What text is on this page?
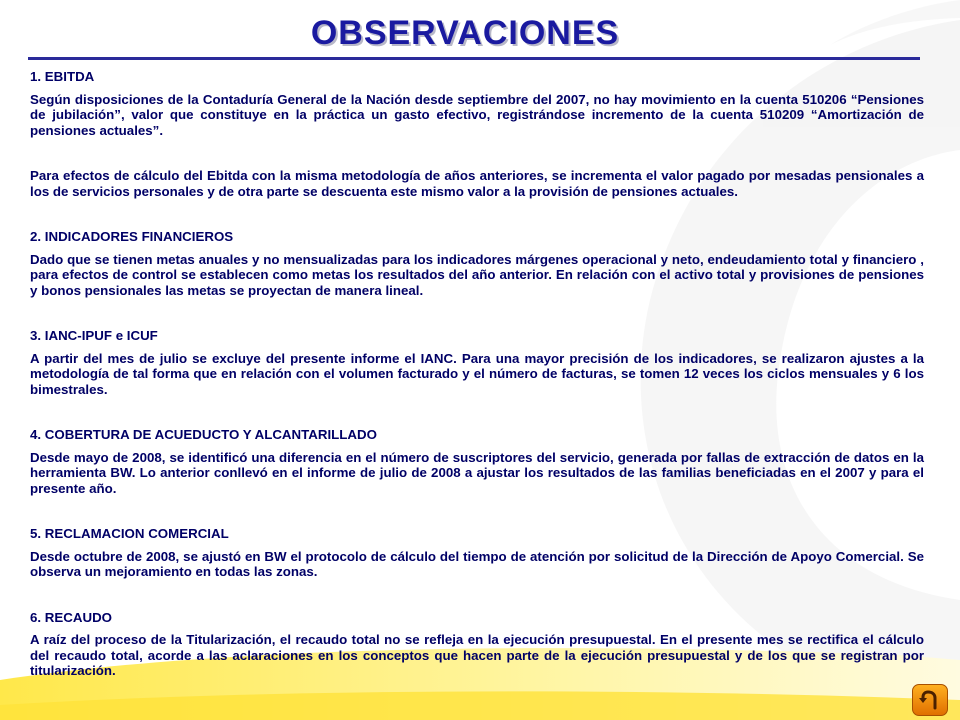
OBSERVACIONES

1. EBITDA

Según disposiciones de la Contaduría General de la Nación desde septiembre del 2007, no hay movimiento en la cuenta 510206 “Pensiones de jubilación”, valor que constituye en la práctica un gasto efectivo, registrándose incremento de la cuenta 510209 “Amortización de pensiones actuales”.

Para efectos de cálculo del Ebitda con la misma metodología de años anteriores, se incrementa el valor pagado por mesadas pensionales a los de servicios personales y de otra parte se descuenta este mismo valor a la provisión de pensiones actuales.

2. INDICADORES FINANCIEROS

Dado que se tienen metas anuales y no mensualizadas para los indicadores márgenes operacional y neto, endeudamiento total y financiero , para efectos de control se establecen como metas los resultados del año anterior. En relación con el activo total y provisiones de pensiones y bonos pensionales las metas se proyectan de manera lineal.

3. IANC-IPUF e ICUF

A partir del mes de julio se excluye del presente informe el IANC. Para una mayor precisión de los indicadores, se realizaron ajustes a la metodología de tal forma que en relación con el volumen facturado y el número de facturas, se tomen 12 veces los ciclos mensuales y 6 los bimestrales.

4. COBERTURA DE ACUEDUCTO Y ALCANTARILLADO

Desde mayo de 2008, se identificó una diferencia en el número de suscriptores del servicio, generada por fallas de extracción de datos en la herramienta BW. Lo anterior conllevó en el informe de julio de 2008 a ajustar los resultados de las familias beneficiadas en el 2007 y para el presente año.

5. RECLAMACION COMERCIAL

Desde octubre de 2008, se ajustó en BW el protocolo de cálculo del tiempo de atención por solicitud de la Dirección de Apoyo Comercial. Se observa un mejoramiento en todas las zonas.

6. RECAUDO

A raíz del proceso de la Titularización, el recaudo total no se refleja en la ejecución presupuestal. En el presente mes se rectifica el cálculo del recaudo total, acorde a las aclaraciones en los conceptos que hacen parte de la ejecución presupuestal y de los que se registran por titularización.
